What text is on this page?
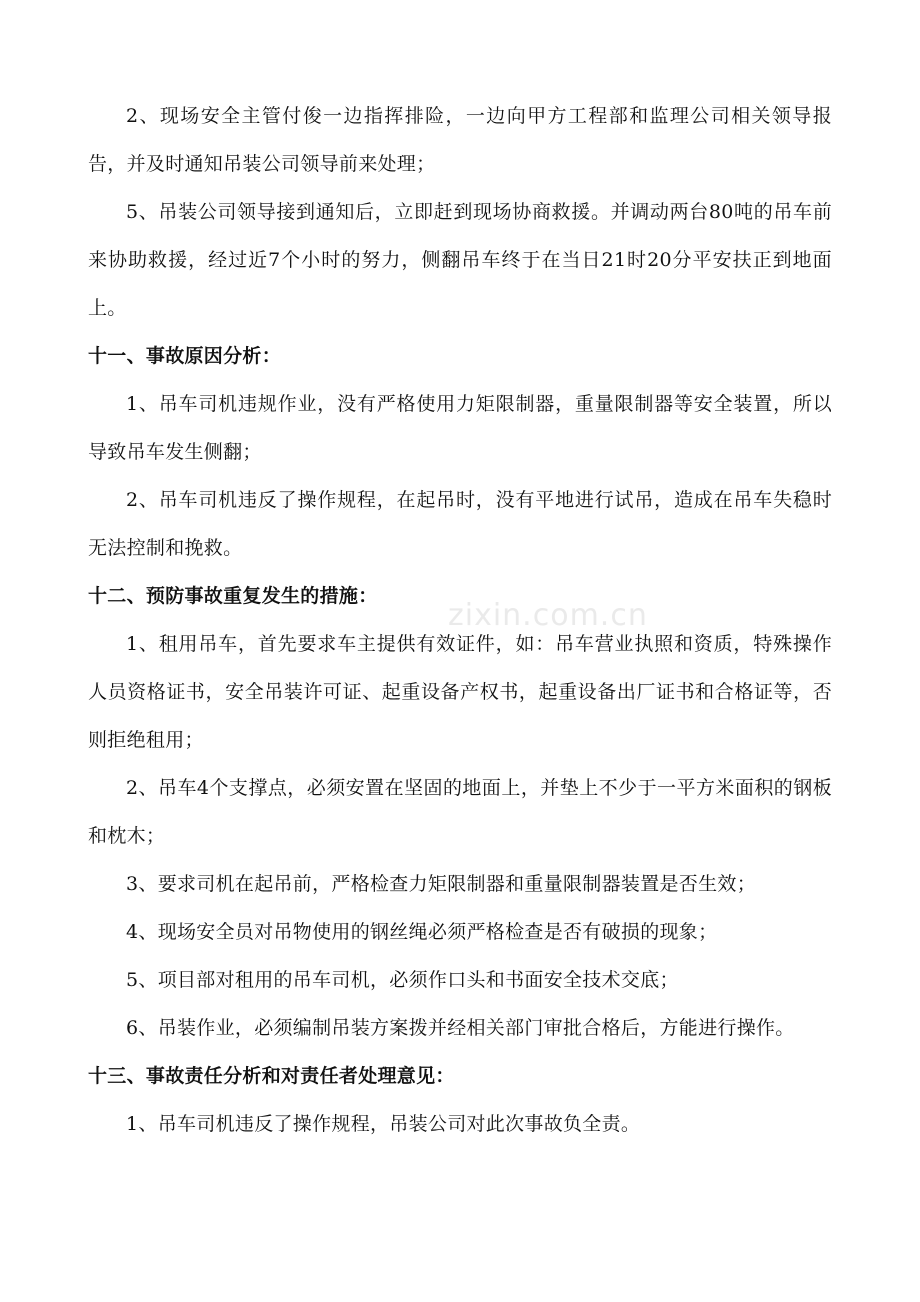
2、现场安全主管付俊一边指挥排险，一边向甲方工程部和监理公司相关领导报告，并及时通知吊装公司领导前来处理；

5、吊装公司领导接到通知后，立即赶到现场协商救援。并调动两台80吨的吊车前来协助救援，经过近7个小时的努力，侧翻吊车终于在当日21时20分平安扶正到地面上。

十一、事故原因分析：

1、吊车司机违规作业，没有严格使用力矩限制器，重量限制器等安全装置，所以导致吊车发生侧翻；

2、吊车司机违反了操作规程，在起吊时，没有平地进行试吊，造成在吊车失稳时无法控制和挽救。

十二、预防事故重复发生的措施：

1、租用吊车，首先要求车主提供有效证件，如：吊车营业执照和资质，特殊操作人员资格证书，安全吊装许可证、起重设备产权书，起重设备出厂证书和合格证等，否则拒绝租用；

2、吊车4个支撑点，必须安置在坚固的地面上，并垫上不少于一平方米面积的钢板和枕木；

3、要求司机在起吊前，严格检查力矩限制器和重量限制器装置是否生效；

4、现场安全员对吊物使用的钢丝绳必须严格检查是否有破损的现象；

5、项目部对租用的吊车司机，必须作口头和书面安全技术交底；

6、吊装作业，必须编制吊装方案拨并经相关部门审批合格后，方能进行操作。

十三、事故责任分析和对责任者处理意见：

1、吊车司机违反了操作规程，吊装公司对此次事故负全责。

zixin.com.cn
